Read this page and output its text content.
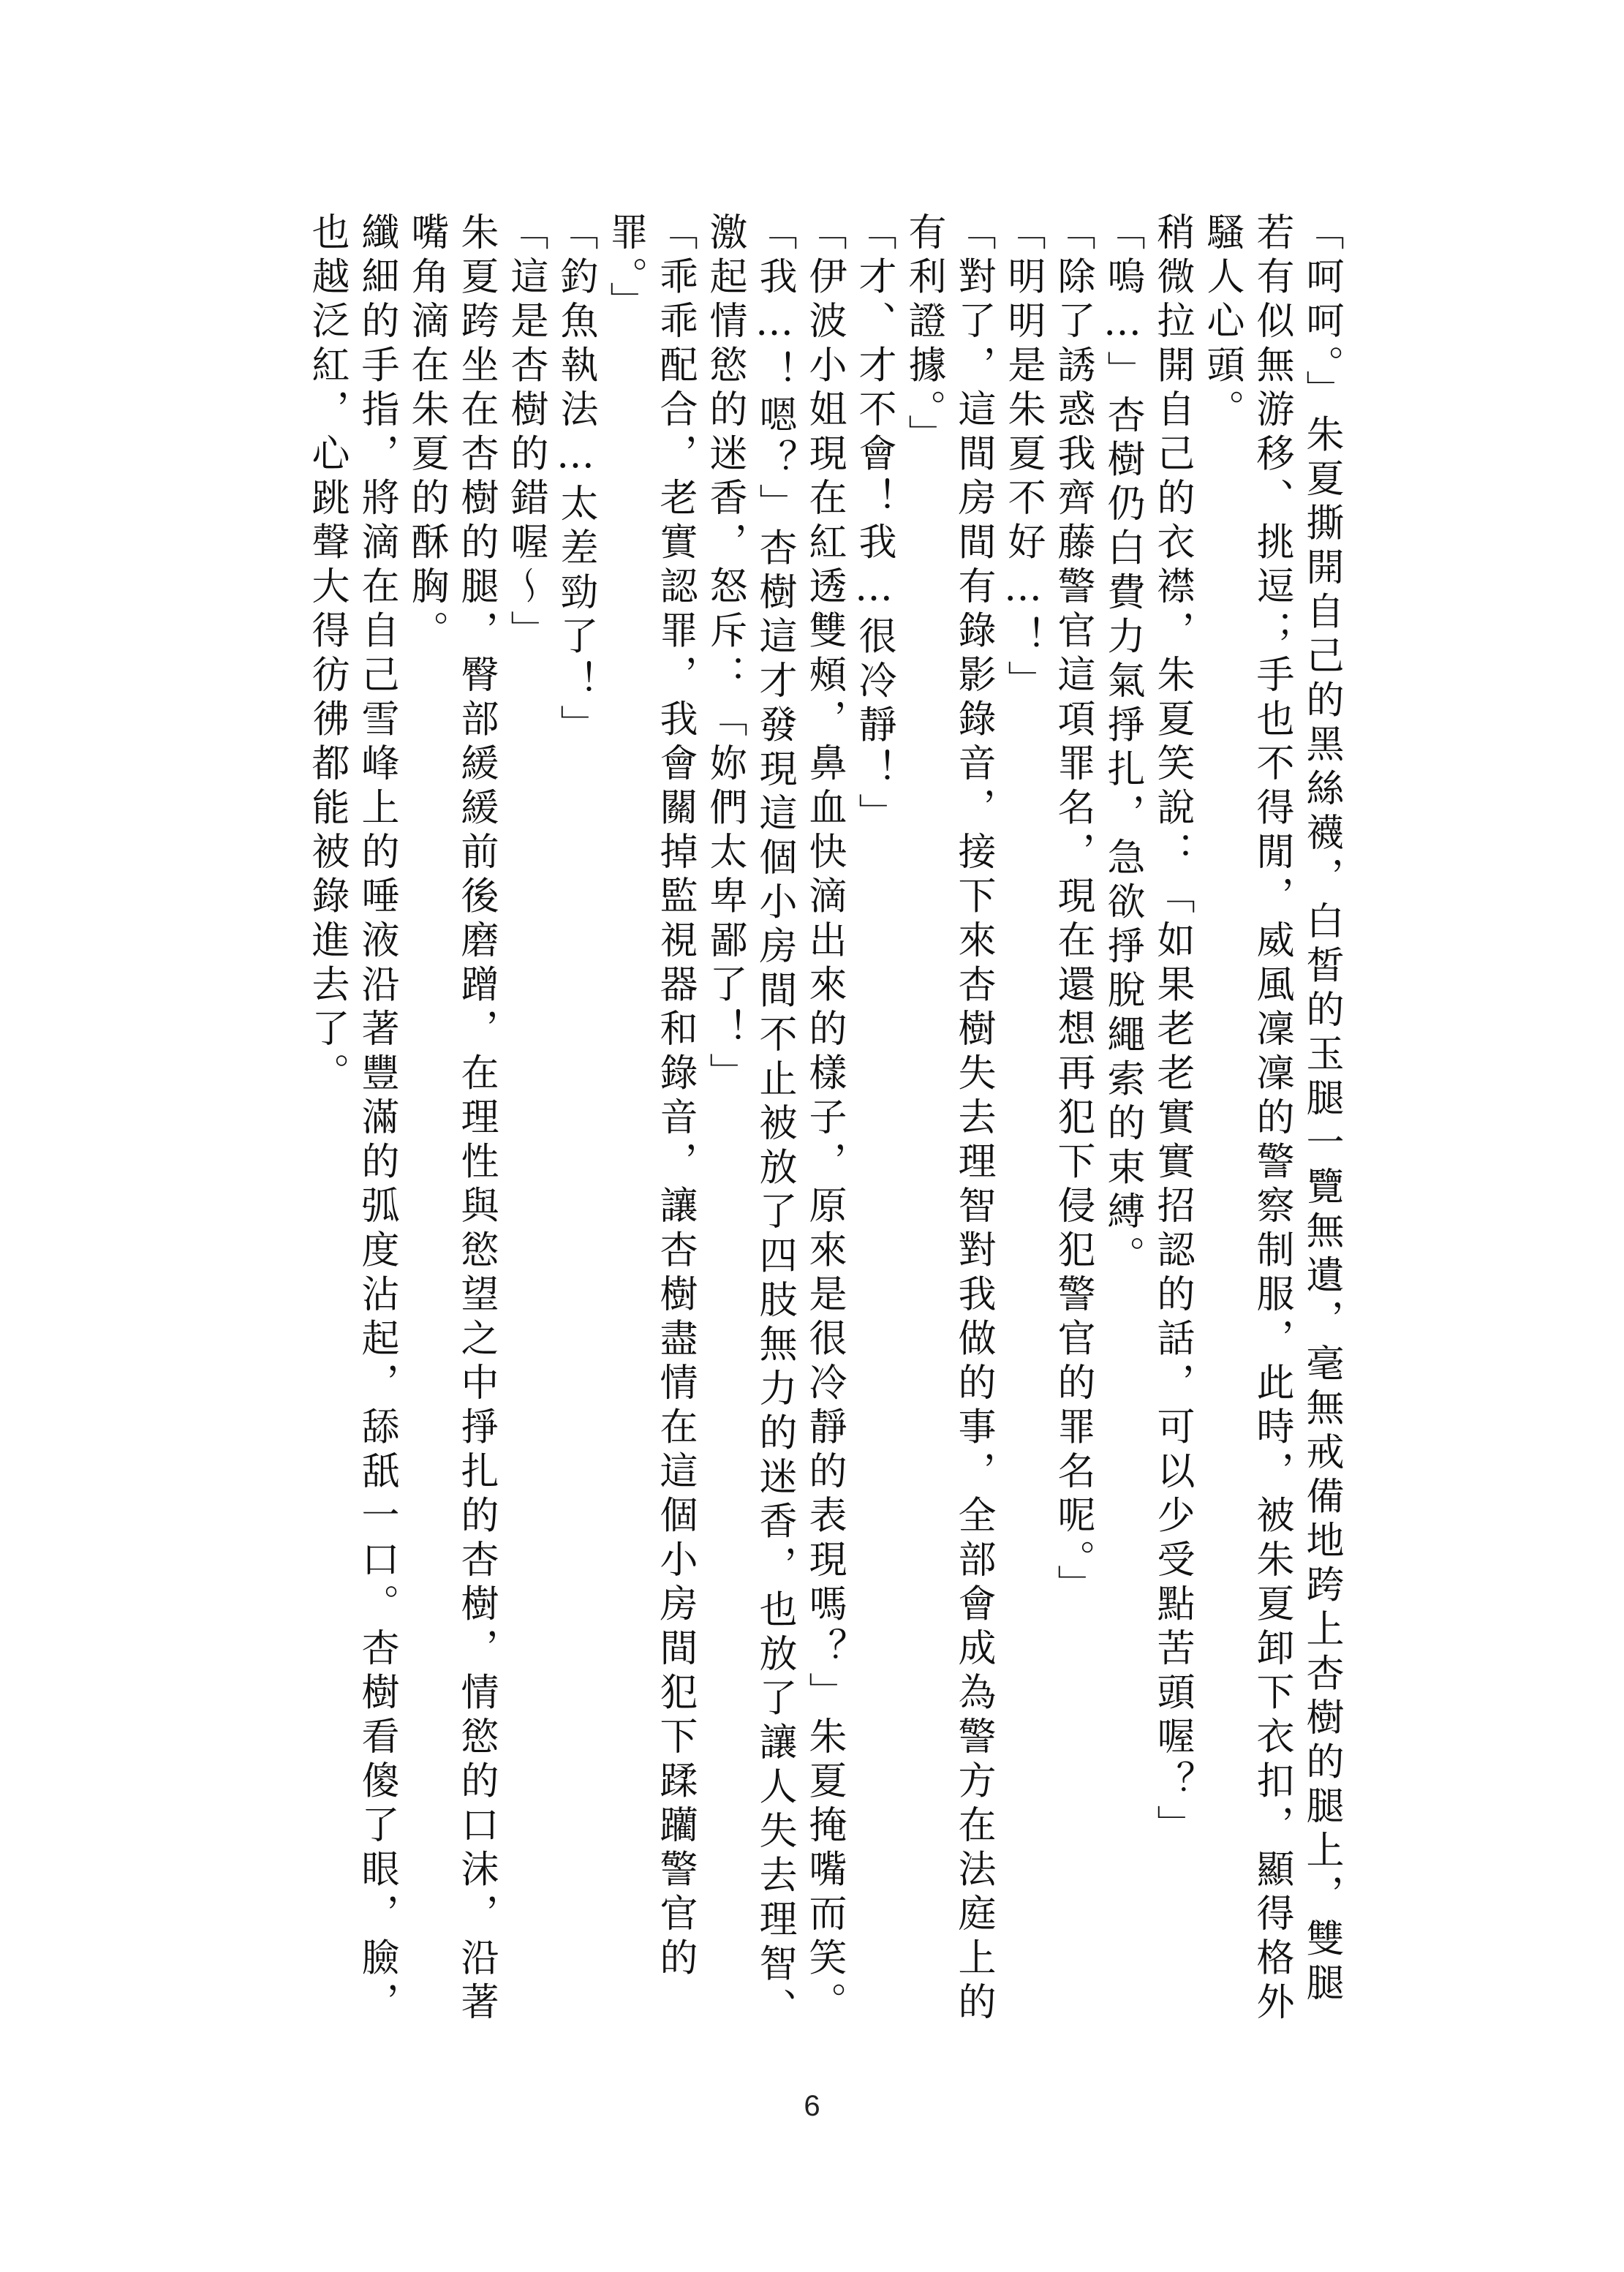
「呵呵。」朱夏撕開自己的黑絲襪，白皙的玉腿一覽無遺，毫無戒備地跨上杏樹的腿上，雙腿若有似無游移、挑逗；手也不得閒，威風凜凜的警察制服，此時，被朱夏卸下衣扣，顯得格外騷人心頭。

稍微拉開自己的衣襟，朱夏笑說：「如果老老實實招認的話，可以少受點苦頭喔？」

「嗚…」杏樹仍白費力氣掙扎，急欲掙脫繩索的束縛。

「除了誘惑我齊藤警官這項罪名，現在還想再犯下侵犯警官的罪名呢。」

「明明是朱夏不好…！」

「對了，這間房間有錄影錄音，接下來杏樹失去理智對我做的事，全部會成為警方在法庭上的有利證據。」

「才、才不會！我…很冷靜！」

「伊波小姐現在紅透雙頰，鼻血快滴出來的樣子，原來是很冷靜的表現嗎？」朱夏掩嘴而笑。

「我…！嗯？」杏樹這才發現這個小房間不止被放了四肢無力的迷香，也放了讓人失去理智、激起情慾的迷香，怒斥：「妳們太卑鄙了！」

「乖乖配合，老實認罪，我會關掉監視器和錄音，讓杏樹盡情在這個小房間犯下蹂躪警官的罪。」

「釣魚執法…太差勁了！」

「這是杏樹的錯喔～」

朱夏跨坐在杏樹的腿，臀部緩緩前後磨蹭，在理性與慾望之中掙扎的杏樹，情慾的口沫，沿著嘴角滴在朱夏的酥胸。

纖細的手指，將滴在自己雪峰上的唾液沿著豐滿的弧度沾起，舔舐一口。杏樹看傻了眼，臉，也越泛紅，心跳聲大得彷彿都能被錄進去了。

6
